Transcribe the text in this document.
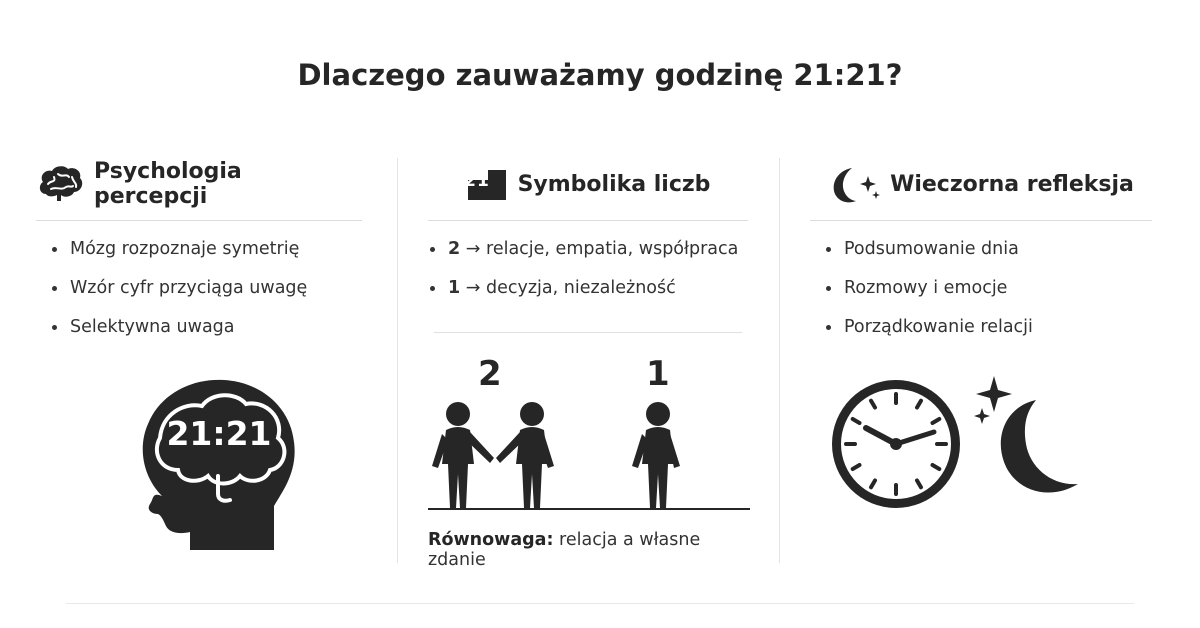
Dlaczego zauważamy godzinę 21:21?
Psychologia percepcji
Mózg rozpoznaje symetrię
Wzór cyfr przyciąga uwagę
Selektywna uwaga
21:21
Symbolika liczb
2 → relacje, empatia, współpraca
1 → decyzja, niezależność
2	1
Równowaga: relacja a własne zdanie
Wieczorna refleksja
Podsumowanie dnia
Rozmowy i emocje
Porządkowanie relacji
21
